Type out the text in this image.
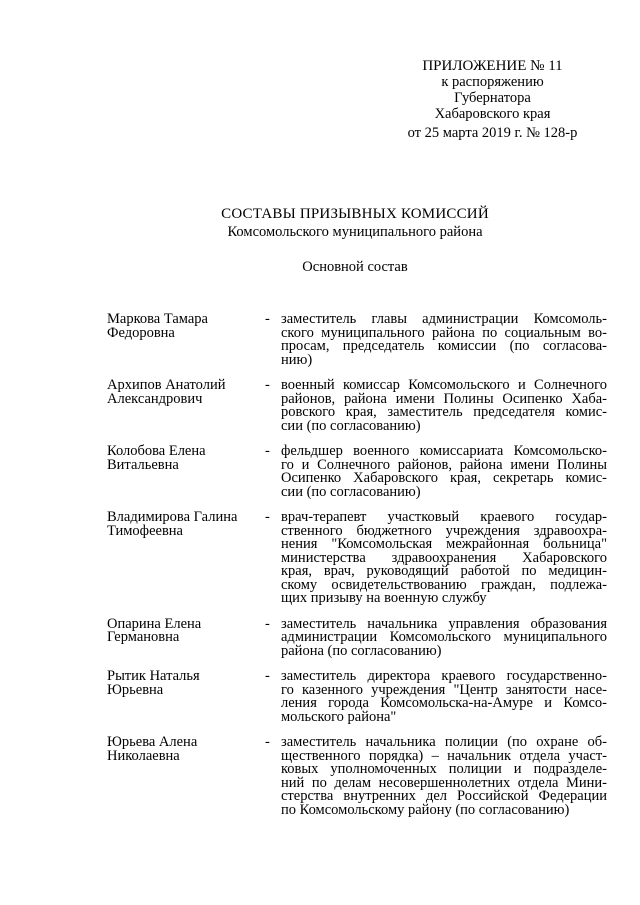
ПРИЛОЖЕНИЕ № 11
к распоряжению
Губернатора
Хабаровского края
от 25 марта 2019 г. № 128-р
СОСТАВЫ ПРИЗЫВНЫХ КОМИССИЙ
Комсомольского муниципального района
Основной состав
Маркова Тамара
Федоровна
- заместитель главы администрации Комсомоль-
ского муниципального района по социальным во-
просам, председатель комиссии (по согласова-
нию)
Архипов Анатолий
Александрович
- военный комиссар Комсомольского и Солнечного
районов, района имени Полины Осипенко Хаба-
ровского края, заместитель председателя комис-
сии (по согласованию)
Колобова Елена
Витальевна
- фельдшер военного комиссариата Комсомольско-
го и Солнечного районов, района имени Полины
Осипенко Хабаровского края, секретарь комис-
сии (по согласованию)
Владимирова Галина
Тимофеевна
- врач-терапевт участковый краевого государ-
ственного бюджетного учреждения здравоохра-
нения "Комсомольская межрайонная больница"
министерства здравоохранения Хабаровского
края, врач, руководящий работой по медицин-
скому освидетельствованию граждан, подлежа-
щих призыву на военную службу
Опарина Елена
Германовна
- заместитель начальника управления образования
администрации Комсомольского муниципального
района (по согласованию)
Рытик Наталья
Юрьевна
- заместитель директора краевого государственно-
го казенного учреждения "Центр занятости насе-
ления города Комсомольска-на-Амуре и Комсо-
мольского района"
Юрьева Алена
Николаевна
- заместитель начальника полиции (по охране об-
щественного порядка) – начальник отдела участ-
ковых уполномоченных полиции и подразделе-
ний по делам несовершеннолетних отдела Мини-
стерства внутренних дел Российской Федерации
по Комсомольскому району (по согласованию)
